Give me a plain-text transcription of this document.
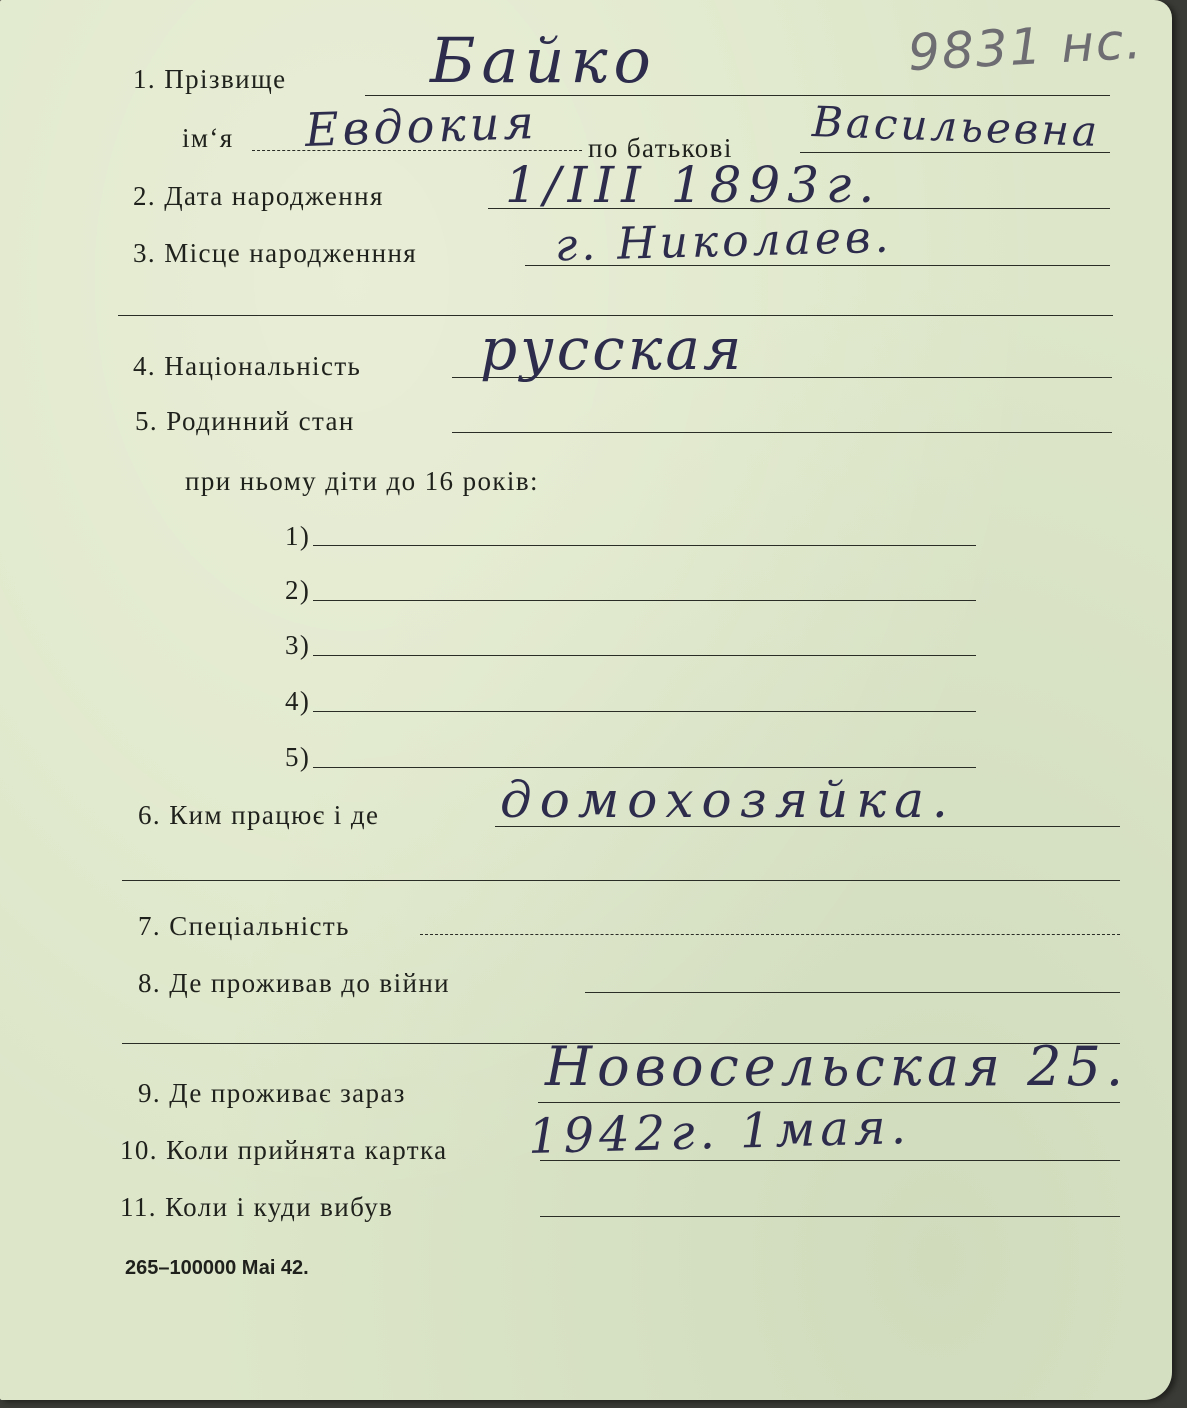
9831 нс.
1. Прізвище Байко
ім‘я Евдокия по батькові Васильевна
2. Дата народження 1/III 1893г.
3. Місце народженння	г. Николаев.
4. Національність русская
5. Родинний стан
при ньому діти до 16 років:
1)
2)
3)
4)
5)
6. Ким працює і де домохозяйка.
7. Спеціальність
8. Де проживав до війни
9. Де проживає зараз	Новосельская 25.
10. Коли прийнята картка 1942г. 1мая.
11. Коли і куди вибув
265–100000 Маі 42.
